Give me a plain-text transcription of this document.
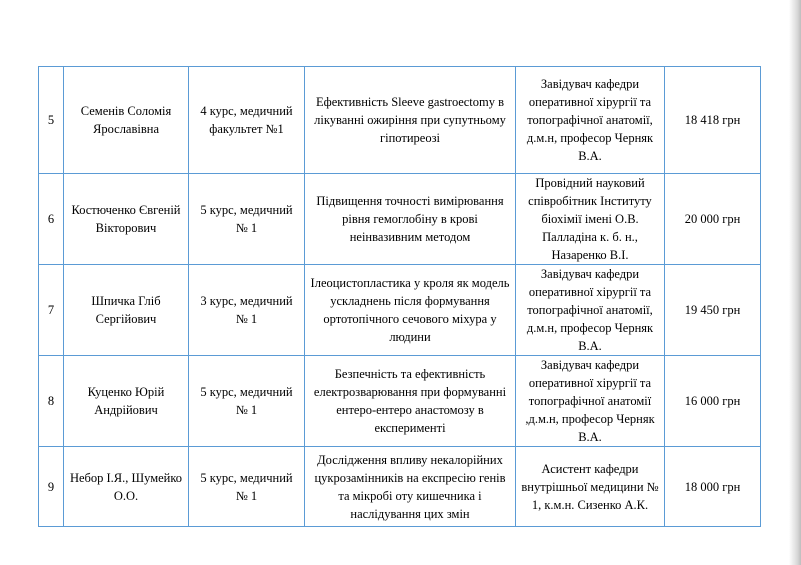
5	Семенів Соломія Ярославівна	4 курс, медичний факультет №1	Ефективність Sleeve gastroectomy в лікуванні ожиріння при супутньому гіпотиреозі	Завідувач кафедри оперативної хірургії та топографічної анатомії, д.м.н, професор Черняк В.А.	18 418 грн
6	Костюченко Євгеній Вікторович	5 курс, медичний № 1	Підвищення точності вимірювання рівня гемоглобіну в крові неінвазивним методом	Провідний науковий співробітник Інституту біохімії імені О.В. Палладіна к. б. н., Назаренко В.І.	20 000 грн
7	Шпичка Гліб Сергійович	3 курс, медичний № 1	Ілеоцистопластика у кроля як модель ускладнень після формування ортотопічного сечового міхура у людини	Завідувач кафедри оперативної хірургії та топографічної анатомії, д.м.н, професор Черняк В.А.	19 450 грн
8	Куценко Юрій Андрійович	5 курс, медичний № 1	Безпечність та ефективність електрозварювання при формуванні ентеро-ентеро анастомозу в експерименті	Завідувач кафедри оперативної хірургії та топографічної анатомії ,д.м.н, професор Черняк В.А.	16 000 грн
9	Небор І.Я., Шумейко О.О.	5 курс, медичний № 1	Дослідження впливу некалорійних цукрозамінників на експресію генів та мікробі оту кишечника і наслідування цих змін	Асистент кафедри внутрішньої медицини № 1, к.м.н. Сизенко А.К.	18 000 грн
